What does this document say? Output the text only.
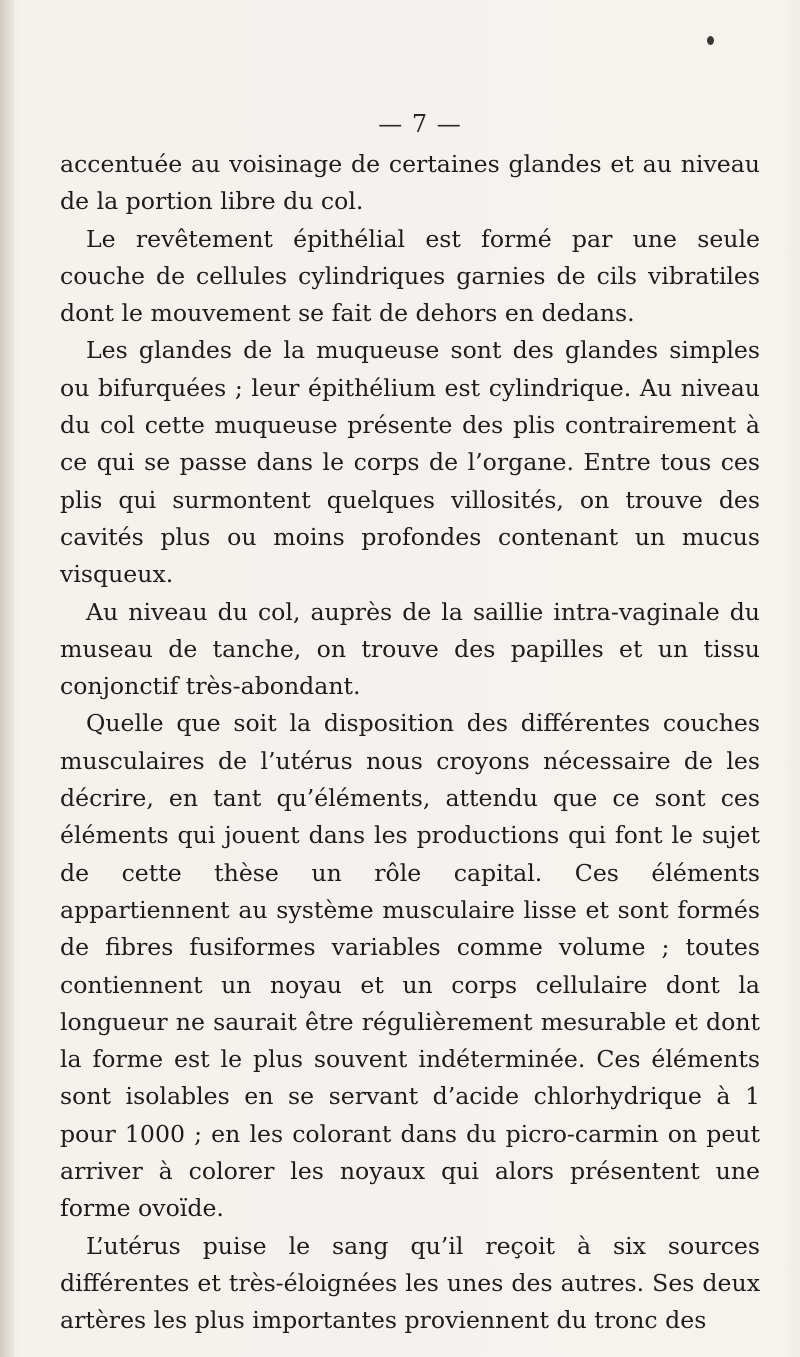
— 7 —

accentuée au voisinage de certaines glandes et au niveau de la portion libre du col.

Le revêtement épithélial est formé par une seule couche de cellules cylindriques garnies de cils vibratiles dont le mouvement se fait de dehors en dedans.

Les glandes de la muqueuse sont des glandes simples ou bifurquées ; leur épithélium est cylindrique. Au niveau du col cette muqueuse présente des plis contrairement à ce qui se passe dans le corps de l’organe. Entre tous ces plis qui surmontent quelques villosités, on trouve des cavités plus ou moins profondes contenant un mucus visqueux.

Au niveau du col, auprès de la saillie intra-vaginale du museau de tanche, on trouve des papilles et un tissu conjonctif très-abondant.

Quelle que soit la disposition des différentes couches musculaires de l’utérus nous croyons nécessaire de les décrire, en tant qu’éléments, attendu que ce sont ces éléments qui jouent dans les productions qui font le sujet de cette thèse un rôle capital. Ces éléments appartiennent au système musculaire lisse et sont formés de fibres fusiformes variables comme volume ; toutes contiennent un noyau et un corps cellulaire dont la longueur ne saurait être régulièrement mesurable et dont la forme est le plus souvent indéterminée. Ces éléments sont isolables en se servant d’acide chlorhydrique à 1 pour 1000 ; en les colorant dans du picro-carmin on peut arriver à colorer les noyaux qui alors présentent une forme ovoïde.

L’utérus puise le sang qu’il reçoit à six sources différentes et très-éloignées les unes des autres. Ses deux artères les plus importantes proviennent du tronc des
